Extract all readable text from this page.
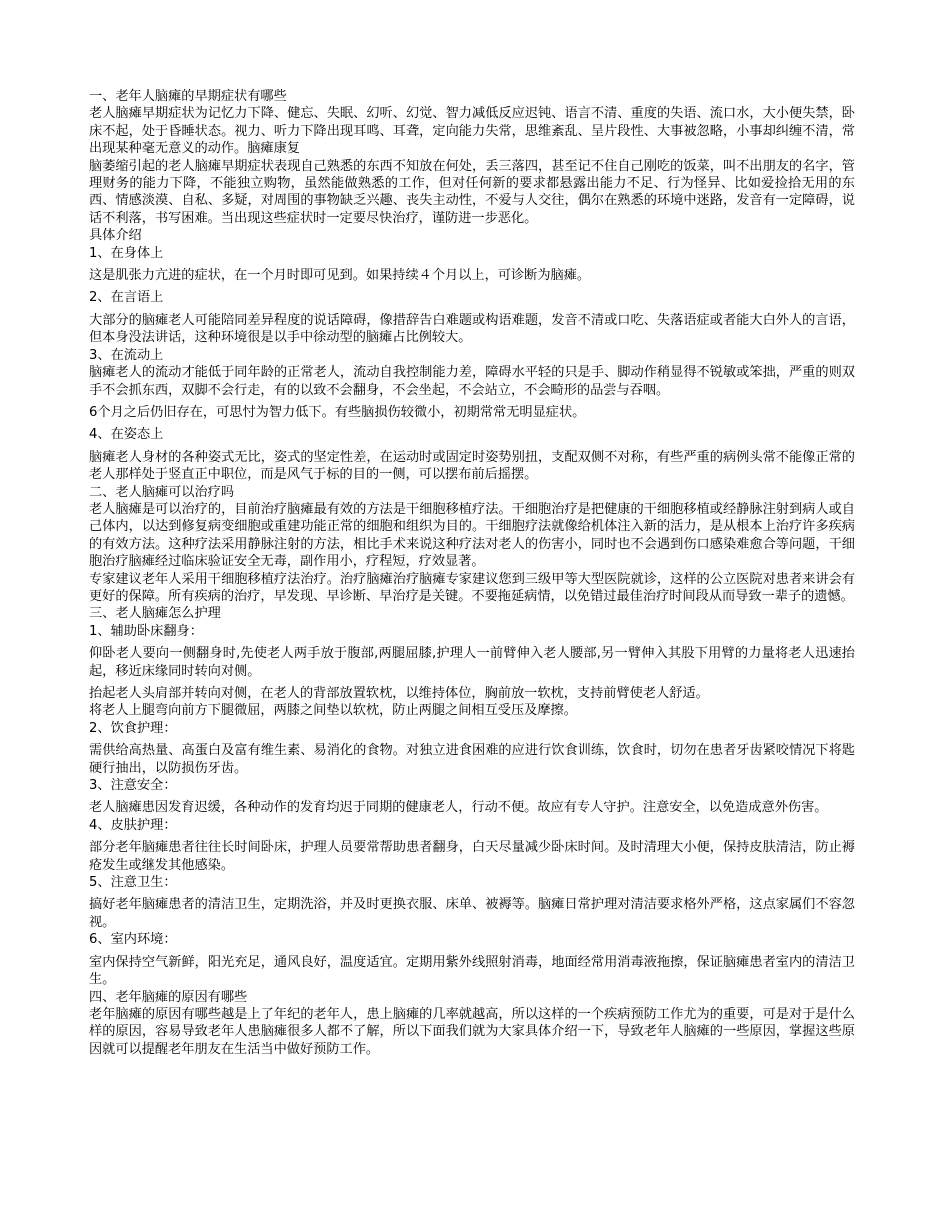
一、老年人脑瘫的早期症状有哪些

老人脑瘫早期症状为记忆力下降、健忘、失眠、幻听、幻觉、智力减低反应迟钝、语言不清、重度的失语、流口水，大小便失禁，卧床不起，处于昏睡状态。视力、听力下降出现耳鸣、耳聋，定向能力失常，思维紊乱、呈片段性、大事被忽略，小事却纠缠不清，常出现某种毫无意义的动作。脑瘫康复

脑萎缩引起的老人脑瘫早期症状表现自己熟悉的东西不知放在何处，丢三落四，甚至记不住自己刚吃的饭菜，叫不出朋友的名字，管理财务的能力下降，不能独立购物，虽然能做熟悉的工作，但对任何新的要求都悬露出能力不足、行为怪异、比如爱捡拾无用的东西、情感淡漠、自私、多疑，对周围的事物缺乏兴趣、丧失主动性，不爱与人交往，偶尔在熟悉的环境中迷路，发音有一定障碍，说话不利落，书写困难。当出现这些症状时一定要尽快治疗，谨防进一步恶化。

具体介绍

1、在身体上

这是肌张力亢进的症状，在一个月时即可见到。如果持续４个月以上，可诊断为脑瘫。

2、在言语上

大部分的脑瘫老人可能陪同差异程度的说话障碍，像措辞告白难题或构语难题，发音不清或口吃、失落语症或者能大白外人的言语，但本身没法讲话，这种环境很是以手中徐动型的脑瘫占比例较大。

3、在流动上

脑瘫老人的流动才能低于同年龄的正常老人，流动自我控制能力差，障碍水平轻的只是手、脚动作稍显得不锐敏或笨拙，严重的则双手不会抓东西，双脚不会行走，有的以致不会翻身，不会坐起，不会站立，不会畸形的品尝与吞咽。

6个月之后仍旧存在，可思忖为智力低下。有些脑损伤较微小，初期常常无明显症状。

4、在姿态上

脑瘫老人身材的各种姿式无比，姿式的坚定性差，在运动时或固定时姿势别扭，支配双侧不对称，有些严重的病例头常不能像正常的老人那样处于竖直正中职位，而是风气于标的目的一侧，可以摆布前后摇摆。

二、老人脑瘫可以治疗吗

老人脑瘫是可以治疗的，目前治疗脑瘫最有效的方法是干细胞移植疗法。干细胞治疗是把健康的干细胞移植或经静脉注射到病人或自己体内，以达到修复病变细胞或重建功能正常的细胞和组织为目的。干细胞疗法就像给机体注入新的活力，是从根本上治疗许多疾病的有效方法。这种疗法采用静脉注射的方法，相比手术来说这种疗法对老人的伤害小，同时也不会遇到伤口感染难愈合等问题，干细胞治疗脑瘫经过临床验证安全无毒，副作用小，疗程短，疗效显著。

专家建议老年人采用干细胞移植疗法治疗。治疗脑瘫治疗脑瘫专家建议您到三级甲等大型医院就诊，这样的公立医院对患者来讲会有更好的保障。所有疾病的治疗，早发现、早诊断、早治疗是关键。不要拖延病情，以免错过最佳治疗时间段从而导致一辈子的遗憾。

三、老人脑瘫怎么护理

1、辅助卧床翻身：

仰卧老人要向一侧翻身时,先使老人两手放于腹部,两腿屈膝,护理人一前臂伸入老人腰部,另一臂伸入其股下用臂的力量将老人迅速抬起，移近床缘同时转向对侧。

抬起老人头肩部并转向对侧，在老人的背部放置软枕，以维持体位，胸前放一软枕，支持前臂使老人舒适。

将老人上腿弯向前方下腿微屈，两膝之间垫以软枕，防止两腿之间相互受压及摩擦。

2、饮食护理：

需供给高热量、高蛋白及富有维生素、易消化的食物。对独立进食困难的应进行饮食训练，饮食时，切勿在患者牙齿紧咬情况下将匙硬行抽出，以防损伤牙齿。

3、注意安全：

老人脑瘫患因发育迟缓，各种动作的发育均迟于同期的健康老人，行动不便。故应有专人守护。注意安全，以免造成意外伤害。

4、皮肤护理：

部分老年脑瘫患者往往长时间卧床，护理人员要常帮助患者翻身，白天尽量减少卧床时间。及时清理大小便，保持皮肤清洁，防止褥疮发生或继发其他感染。

5、注意卫生：

搞好老年脑瘫患者的清洁卫生，定期洗浴，并及时更换衣服、床单、被褥等。脑瘫日常护理对清洁要求格外严格，这点家属们不容忽视。

6、室内环境：

室内保持空气新鲜，阳光充足，通风良好，温度适宜。定期用紫外线照射消毒，地面经常用消毒液拖擦，保证脑瘫患者室内的清洁卫生。

四、老年脑瘫的原因有哪些

老年脑瘫的原因有哪些越是上了年纪的老年人，患上脑瘫的几率就越高，所以这样的一个疾病预防工作尤为的重要，可是对于是什么样的原因，容易导致老年人患脑瘫很多人都不了解，所以下面我们就为大家具体介绍一下，导致老年人脑瘫的一些原因，掌握这些原因就可以提醒老年朋友在生活当中做好预防工作。
